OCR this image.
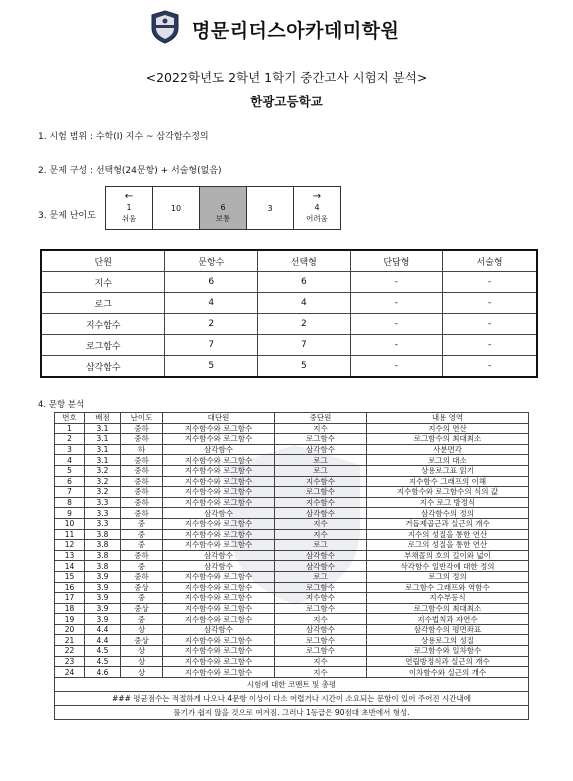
명문리더스아카데미학원
<2022학년도 2학년 1학기 중간고사 시험지 분석>
한광고등학교
1. 시험 범위 : 수학(I) 지수 ~ 삼각함수정의
2. 문제 구성 : 선택형(24문항) + 서술형(없음)
3. 문제 난이도
←
1
쉬움
	10	6
보통
	3	
→
4
어려움
단원	문항수	선택형	단답형	서술형
지수	6	6	-	-
로그	4	4	-	-
지수함수	2	2	-	-
로그함수	7	7	-	-
삼각함수	5	5	-	-
4. 문항 분석
번호	배점	난이도	대단원	중단원	내용 영역
1	3.1	중하	지수함수와 로그함수	지수	지수의 연산
2	3.1	중하	지수함수와 로그함수	로그함수	로그함수의 최대최소
3	3.1	하	삼각함수	삼각함수	사분면각
4	3.1	중하	지수함수와 로그함수	로그	로그의 대소
5	3.2	중하	지수함수와 로그함수	로그	상용로그표 읽기
6	3.2	중하	지수함수와 로그함수	지수함수	지수함수 그래프의 이해
7	3.2	중하	지수함수와 로그함수	로그함수	지수함수와 로그함수의 식의 값
8	3.3	중하	지수함수와 로그함수	지수함수	지수 로그 방정식
9	3.3	중하	삼각함수	삼각함수	삼각함수의 정의
10	3.3	중	지수함수와 로그함수	지수	거듭제곱근과 실근의 개수
11	3.8	중	지수함수와 로그함수	지수	지수의 성질을 통한 연산
12	3.8	중	지수함수와 로그함수	로그	로그의 성질을 통한 연산
13	3.8	중하	삼각함수	삼각함수	부채꼴의 호의 길이와 넓이
14	3.8	중	삼각함수	삼각함수	삭각함수 일반각에 대한 정의
15	3.9	중하	지수함수와 로그함수	로그	로그의 정의
16	3.9	중상	지수함수와 로그함수	로그함수	로그함수 그래프와 역함수
17	3.9	중	지수함수와 로그함수	지수함수	지수부등식
18	3.9	중상	지수함수와 로그함수	로그함수	로그함수의 최대최소
19	3.9	중	지수함수와 로그함수	지수	지수법칙과 자연수
20	4.4	상	삼각함수	삼각함수	삼각함수의 평면좌표
21	4.4	중상	지수함수와 로그함수	로그함수	상용로그의 성질
22	4.5	상	지수함수와 로그함수	로그함수	로그함수와 일차함수
23	4.5	상	지수함수와 로그함수	지수	연립방정식과 실근의 개수
24	4.6	상	지수함수와 로그함수	지수	이차함수와 실근의 개수
시험에 대한 코멘트 및 총평					
### 평균점수는 적절하게 나오나 4문항 이상이 다소 어렵거나 시간이 소요되는 문항이 있어 주어진 시간내에					
풀기가 쉽지 않을 것으로 여겨짐. 그러나 1등급은 90점대 초반에서 형성.					
